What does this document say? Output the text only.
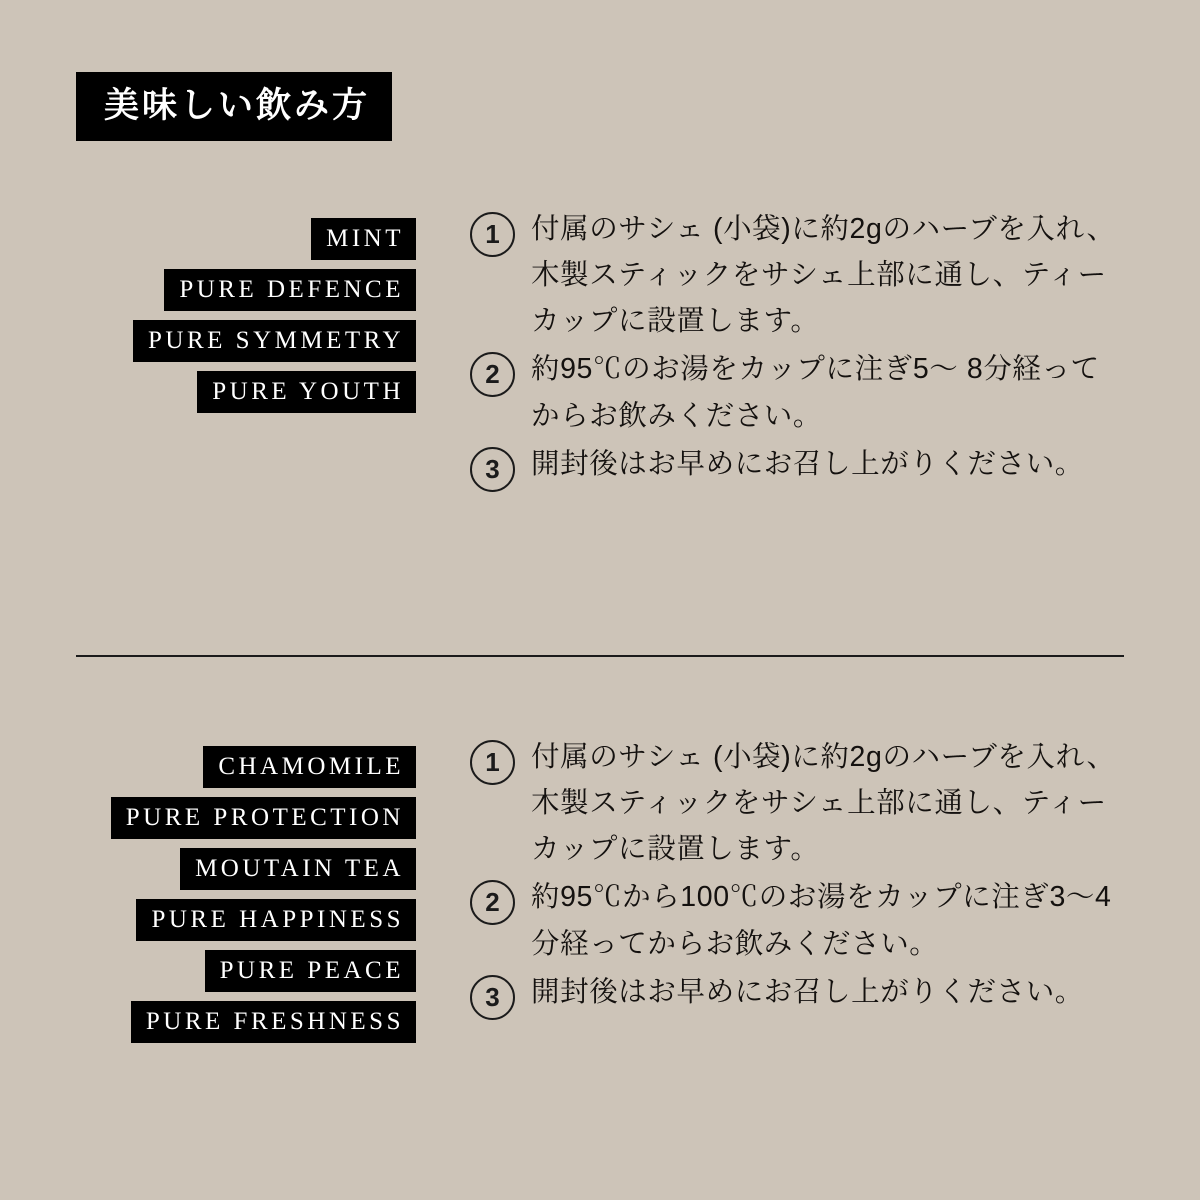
美味しい飲み方
MINT
PURE DEFENCE
PURE SYMMETRY
PURE YOUTH
1	付属のサシェ (小袋)に約2gのハーブを入れ、木製スティックをサシェ上部に通し、ティーカップに設置します。
2	約95℃のお湯をカップに注ぎ5〜 8分経ってからお飲みください。
3	開封後はお早めにお召し上がりください。
CHAMOMILE
PURE PROTECTION
MOUTAIN TEA
PURE HAPPINESS
PURE PEACE
PURE FRESHNESS
1	付属のサシェ (小袋)に約2gのハーブを入れ、木製スティックをサシェ上部に通し、ティーカップに設置します。
2	約95℃から100℃のお湯をカップに注ぎ3〜4分経ってからお飲みください。
3	開封後はお早めにお召し上がりください。
